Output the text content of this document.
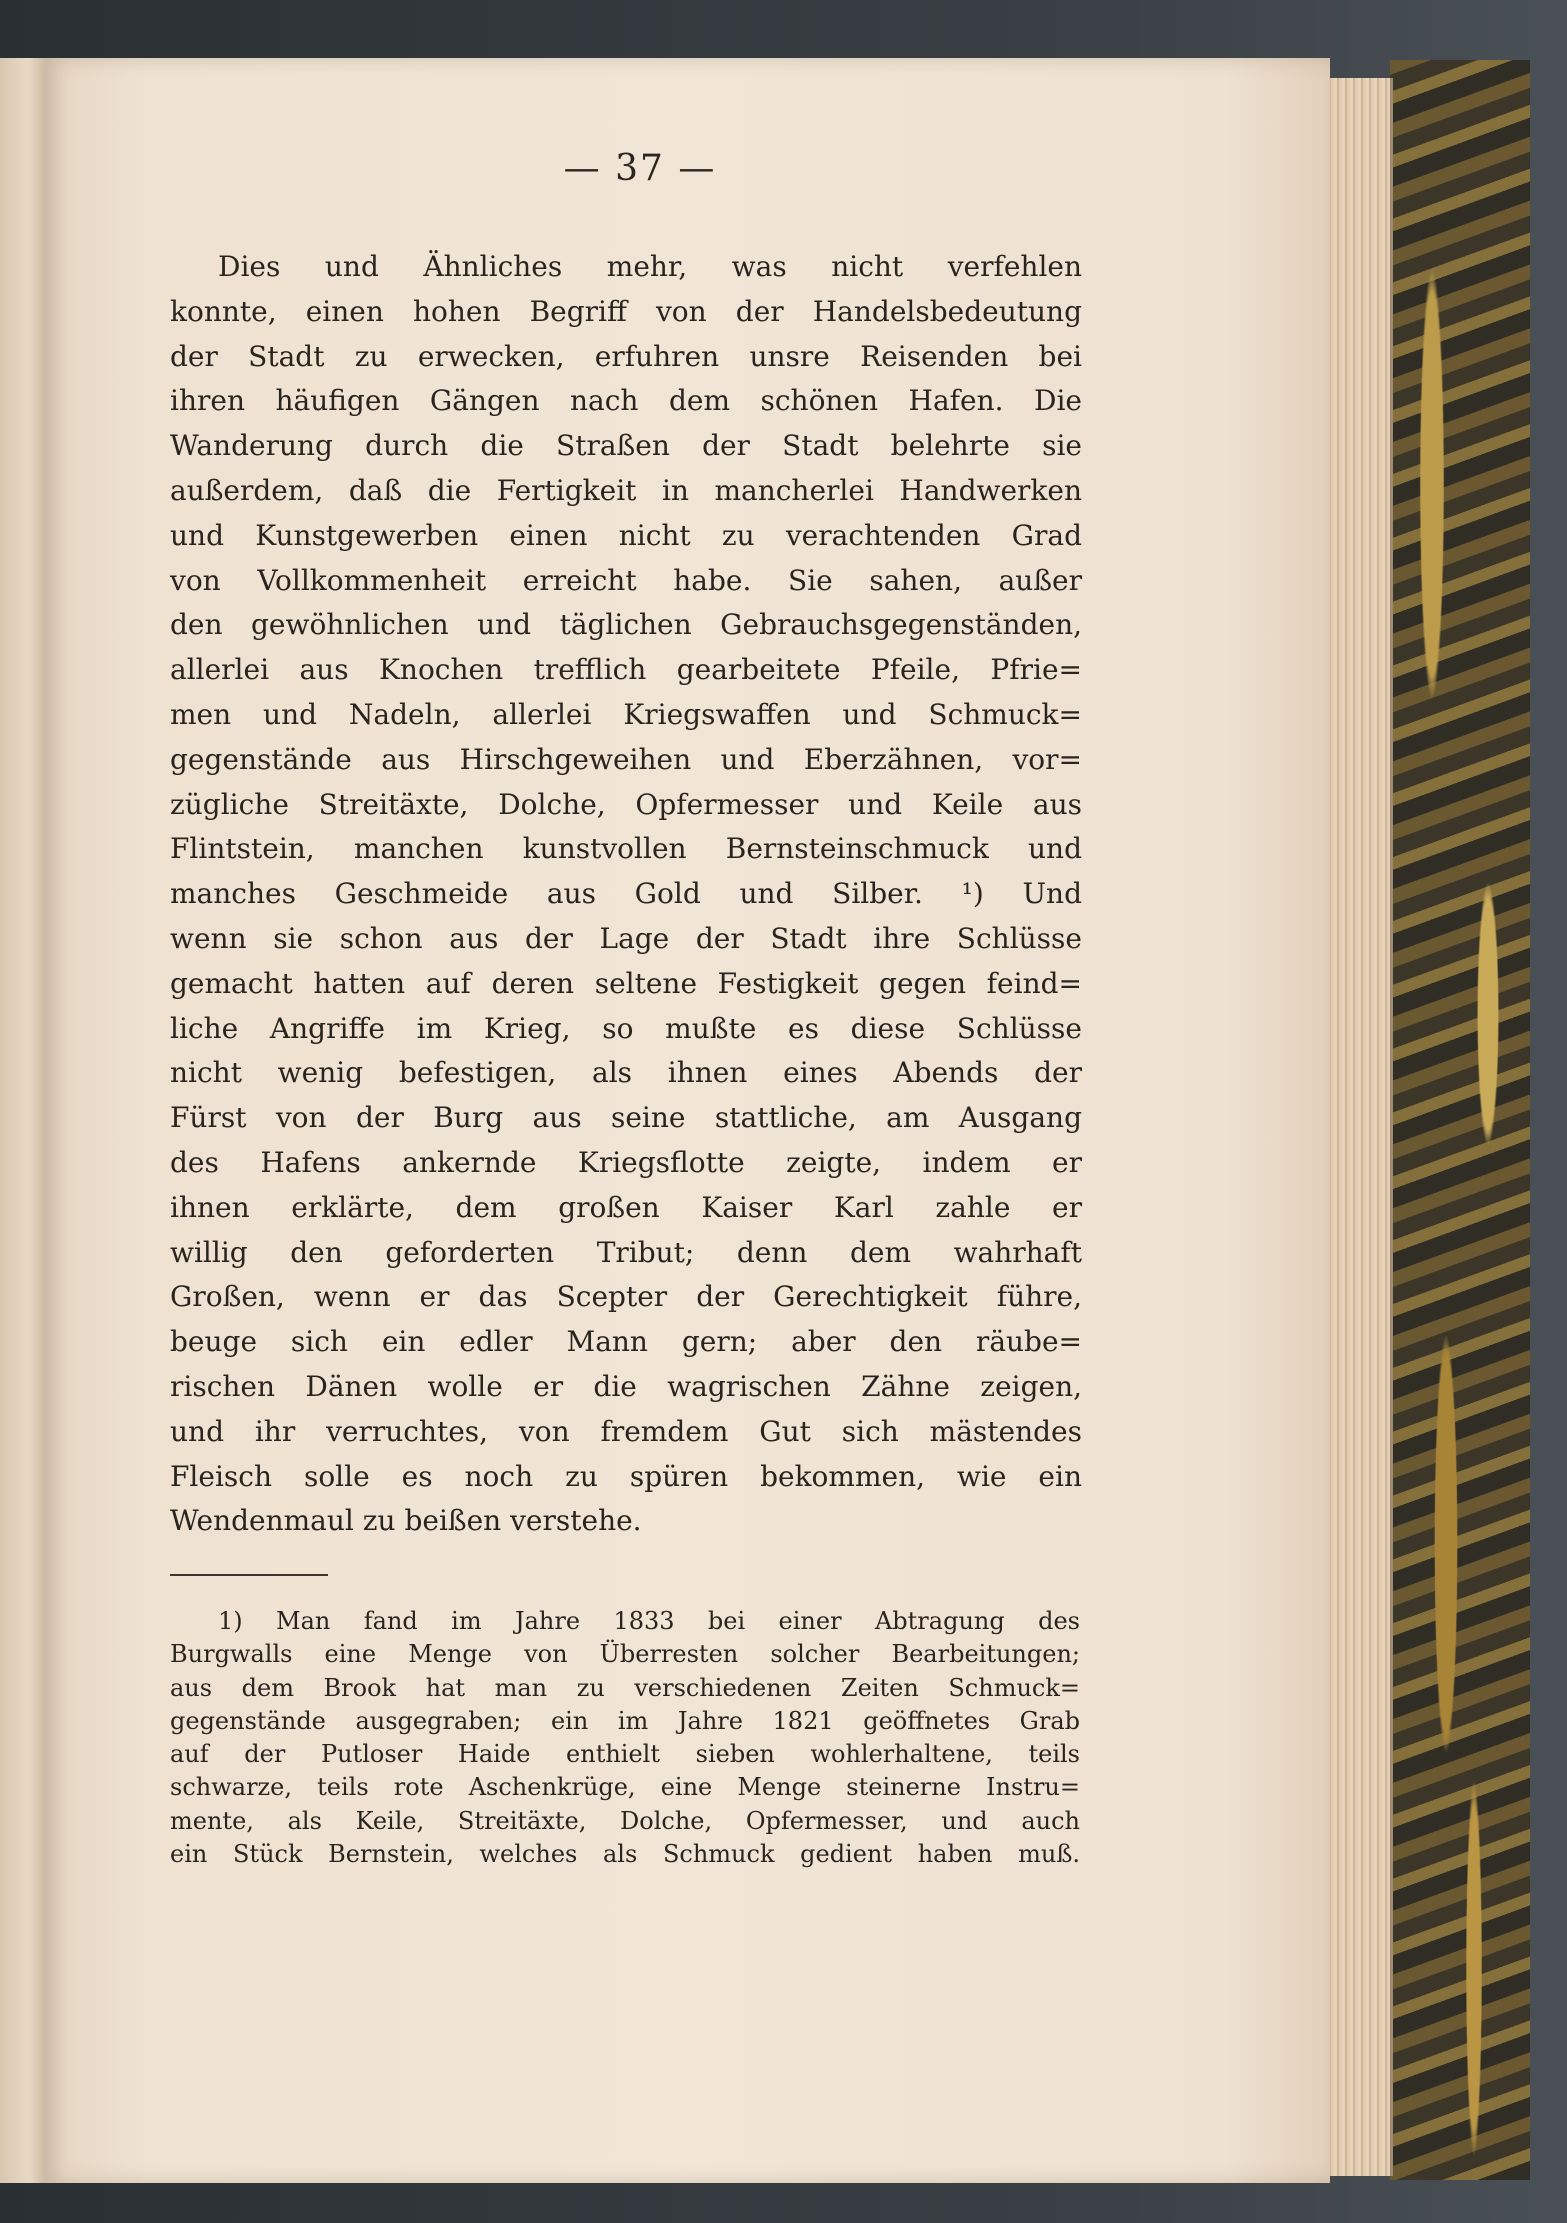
— 37 —
Dies und Ähnliches mehr, was nicht verfehlen
konnte, einen hohen Begriff von der Handelsbedeutung
der Stadt zu erwecken, erfuhren unsre Reisenden bei
ihren häufigen Gängen nach dem schönen Hafen. Die
Wanderung durch die Straßen der Stadt belehrte sie
außerdem, daß die Fertigkeit in mancherlei Handwerken
und Kunstgewerben einen nicht zu verachtenden Grad
von Vollkommenheit erreicht habe. Sie sahen, außer
den gewöhnlichen und täglichen Gebrauchsgegenständen,
allerlei aus Knochen trefflich gearbeitete Pfeile, Pfrie=
men und Nadeln, allerlei Kriegswaffen und Schmuck=
gegenstände aus Hirschgeweihen und Eberzähnen, vor=
zügliche Streitäxte, Dolche, Opfermesser und Keile aus
Flintstein, manchen kunstvollen Bernsteinschmuck und
manches Geschmeide aus Gold und Silber. ¹) Und
wenn sie schon aus der Lage der Stadt ihre Schlüsse
gemacht hatten auf deren seltene Festigkeit gegen feind=
liche Angriffe im Krieg, so mußte es diese Schlüsse
nicht wenig befestigen, als ihnen eines Abends der
Fürst von der Burg aus seine stattliche, am Ausgang
des Hafens ankernde Kriegsflotte zeigte, indem er
ihnen erklärte, dem großen Kaiser Karl zahle er
willig den geforderten Tribut; denn dem wahrhaft
Großen, wenn er das Scepter der Gerechtigkeit führe,
beuge sich ein edler Mann gern; aber den räube=
rischen Dänen wolle er die wagrischen Zähne zeigen,
und ihr verruchtes, von fremdem Gut sich mästendes
Fleisch solle es noch zu spüren bekommen, wie ein
Wendenmaul zu beißen verstehe.
1) Man fand im Jahre 1833 bei einer Abtragung des
Burgwalls eine Menge von Überresten solcher Bearbeitungen;
aus dem Brook hat man zu verschiedenen Zeiten Schmuck=
gegenstände ausgegraben; ein im Jahre 1821 geöffnetes Grab
auf der Putloser Haide enthielt sieben wohlerhaltene, teils
schwarze, teils rote Aschenkrüge, eine Menge steinerne Instru=
mente, als Keile, Streitäxte, Dolche, Opfermesser, und auch
ein Stück Bernstein, welches als Schmuck gedient haben muß.
